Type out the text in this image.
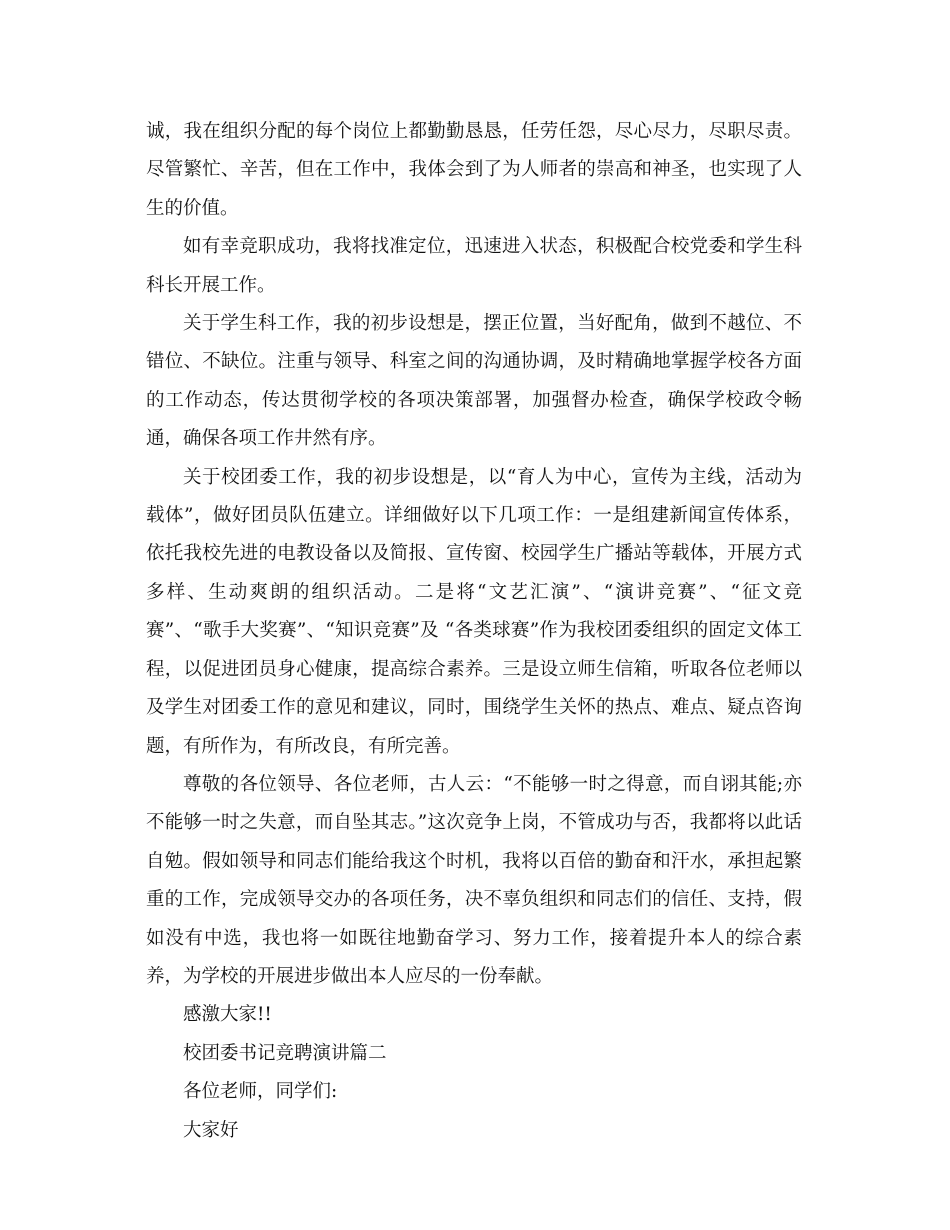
诚，我在组织分配的每个岗位上都勤勤恳恳，任劳任怨，尽心尽力，尽职尽责。尽管繁忙、辛苦，但在工作中，我体会到了为人师者的崇高和神圣，也实现了人生的价值。

如有幸竞职成功，我将找准定位，迅速进入状态，积极配合校党委和学生科科长开展工作。

关于学生科工作，我的初步设想是，摆正位置，当好配角，做到不越位、不错位、不缺位。注重与领导、科室之间的沟通协调，及时精确地掌握学校各方面的工作动态，传达贯彻学校的各项决策部署，加强督办检查，确保学校政令畅通，确保各项工作井然有序。

关于校团委工作，我的初步设想是，以“育人为中心，宣传为主线，活动为载体”，做好团员队伍建立。详细做好以下几项工作：一是组建新闻宣传体系，依托我校先进的电教设备以及简报、宣传窗、校园学生广播站等载体，开展方式多样、生动爽朗的组织活动。二是将“文艺汇演”、“演讲竞赛”、“征文竞赛”、“歌手大奖赛”、“知识竞赛”及 “各类球赛”作为我校团委组织的固定文体工程，以促进团员身心健康，提高综合素养。三是设立师生信箱，听取各位老师以及学生对团委工作的意见和建议，同时，围绕学生关怀的热点、难点、疑点咨询题，有所作为，有所改良，有所完善。

尊敬的各位领导、各位老师，古人云：“不能够一时之得意，而自诩其能;亦不能够一时之失意，而自坠其志。”这次竞争上岗，不管成功与否，我都将以此话自勉。假如领导和同志们能给我这个时机，我将以百倍的勤奋和汗水，承担起繁重的工作，完成领导交办的各项任务，决不辜负组织和同志们的信任、支持，假如没有中选，我也将一如既往地勤奋学习、努力工作，接着提升本人的综合素养，为学校的开展进步做出本人应尽的一份奉献。

感激大家!!

校团委书记竞聘演讲篇二

各位老师，同学们:

大家好
